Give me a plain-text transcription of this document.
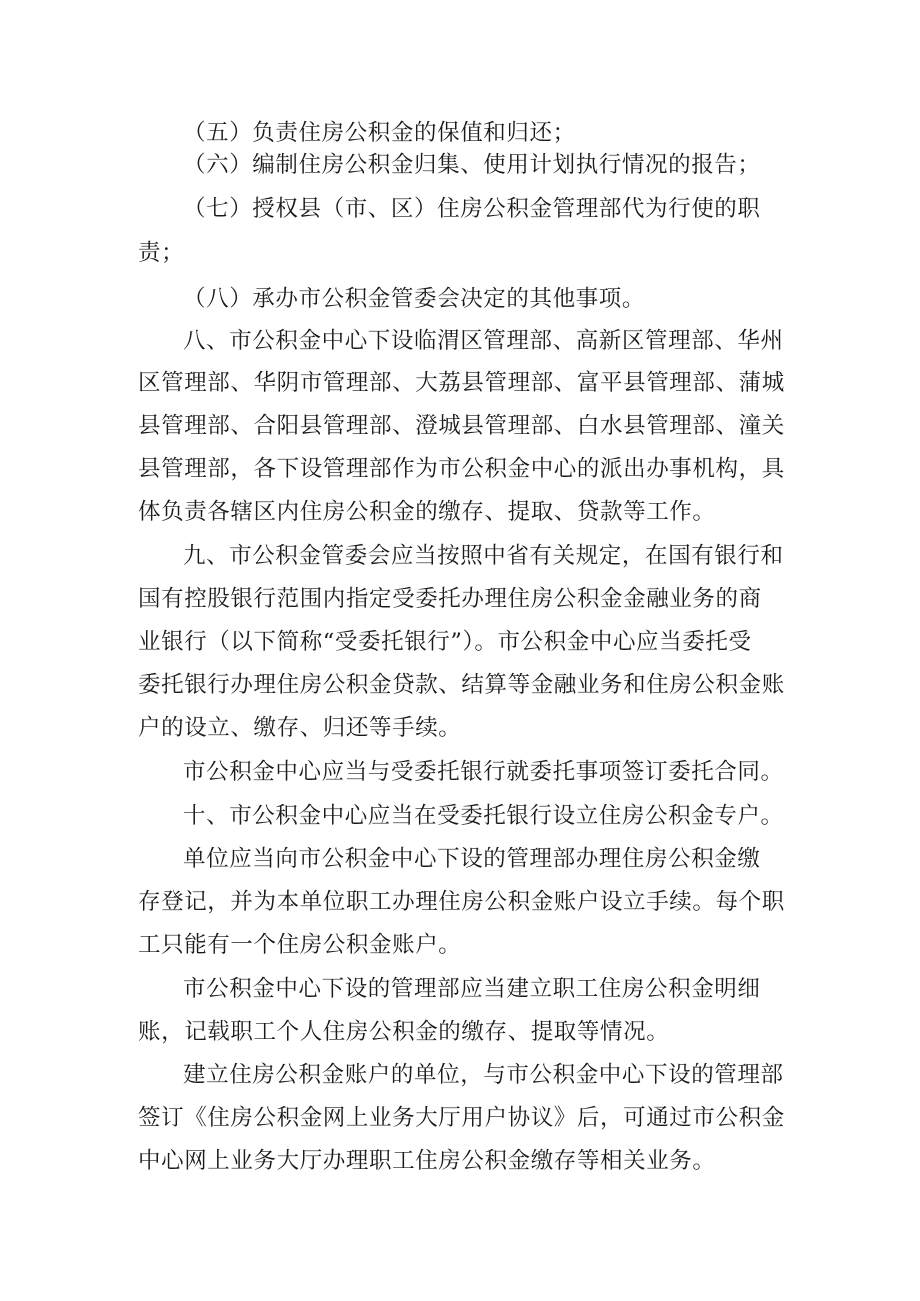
（五）负责住房公积金的保值和归还；
（六）编制住房公积金归集、使用计划执行情况的报告；
（七）授权县（市、区）住房公积金管理部代为行使的职
责；
（八）承办市公积金管委会决定的其他事项。
八、市公积金中心下设临渭区管理部、高新区管理部、华州
区管理部、华阴市管理部、大荔县管理部、富平县管理部、蒲城
县管理部、合阳县管理部、澄城县管理部、白水县管理部、潼关
县管理部，各下设管理部作为市公积金中心的派出办事机构，具
体负责各辖区内住房公积金的缴存、提取、贷款等工作。
九、市公积金管委会应当按照中省有关规定，在国有银行和
国有控股银行范围内指定受委托办理住房公积金金融业务的商
业银行（以下简称“受委托银行”）。市公积金中心应当委托受
委托银行办理住房公积金贷款、结算等金融业务和住房公积金账
户的设立、缴存、归还等手续。
市公积金中心应当与受委托银行就委托事项签订委托合同。
十、市公积金中心应当在受委托银行设立住房公积金专户。
单位应当向市公积金中心下设的管理部办理住房公积金缴
存登记，并为本单位职工办理住房公积金账户设立手续。每个职
工只能有一个住房公积金账户。
市公积金中心下设的管理部应当建立职工住房公积金明细
账，记载职工个人住房公积金的缴存、提取等情况。
建立住房公积金账户的单位，与市公积金中心下设的管理部
签订《住房公积金网上业务大厅用户协议》后，可通过市公积金
中心网上业务大厅办理职工住房公积金缴存等相关业务。
